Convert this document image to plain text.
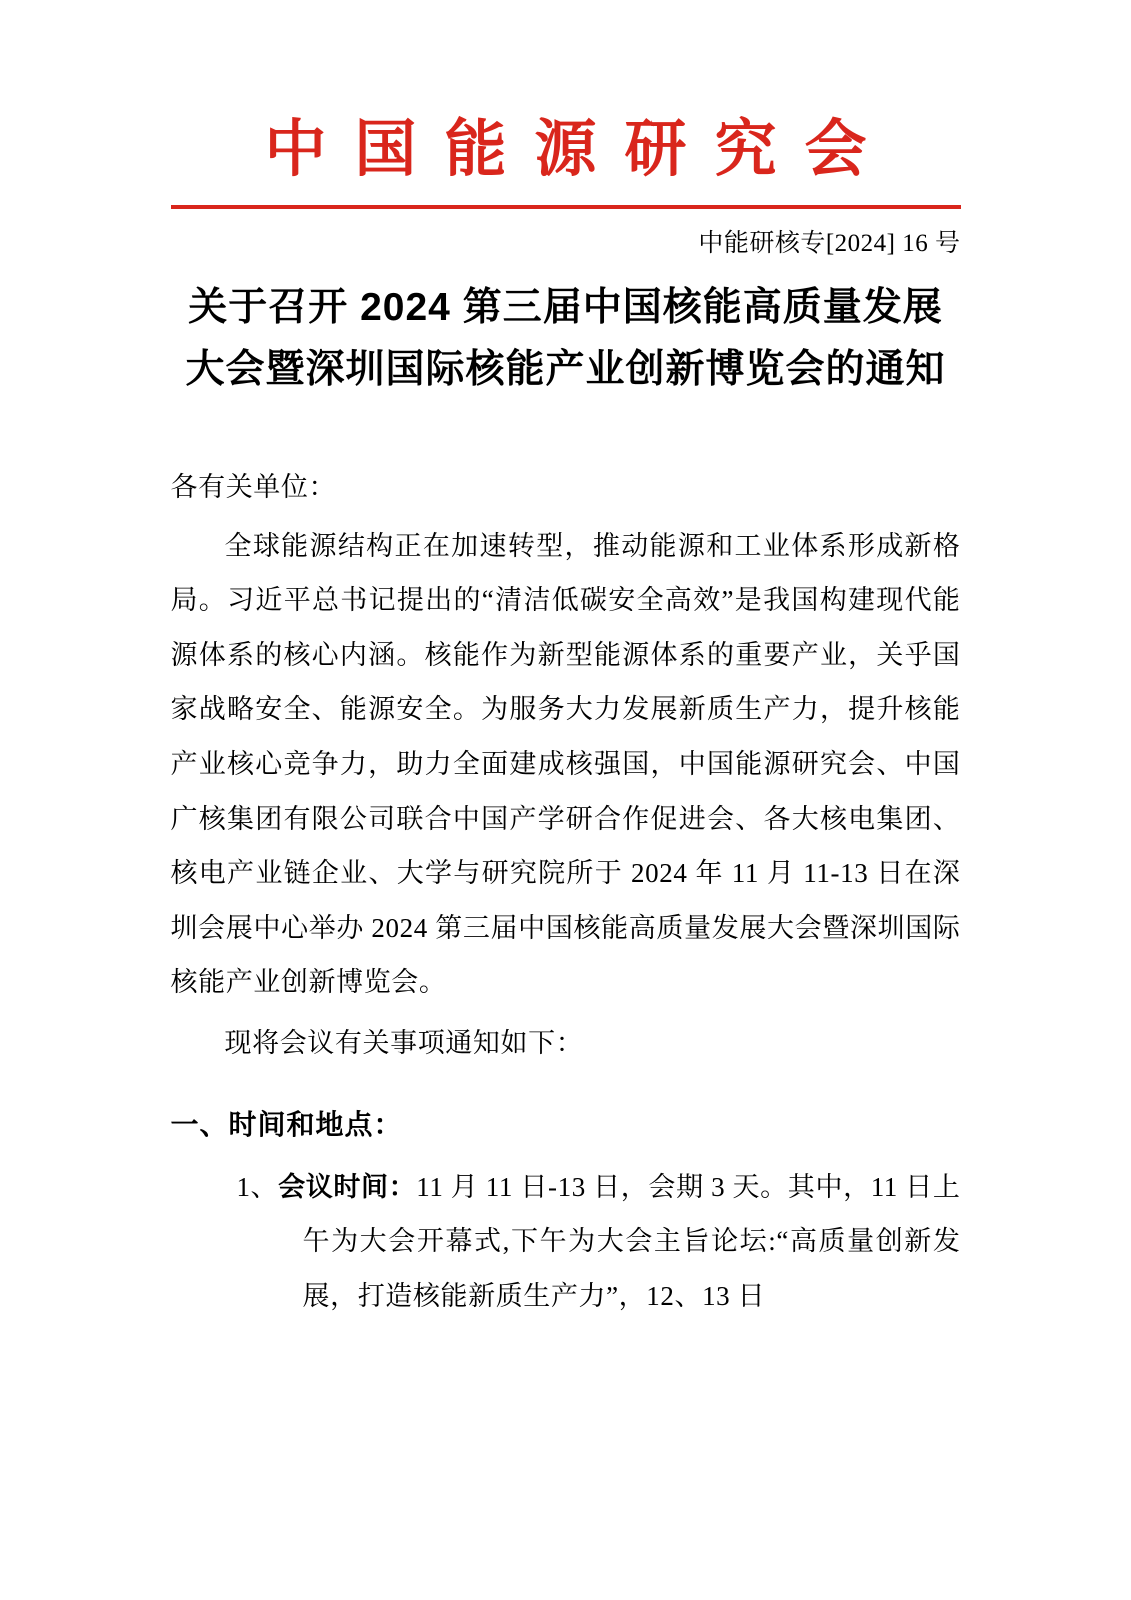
中国能源研究会
中能研核专[2024] 16 号
关于召开 2024 第三届中国核能高质量发展
大会暨深圳国际核能产业创新博览会的通知
各有关单位：

全球能源结构正在加速转型，推动能源和工业体系形成新格局。习近平总书记提出的“清洁低碳安全高效”是我国构建现代能源体系的核心内涵。核能作为新型能源体系的重要产业，关乎国家战略安全、能源安全。为服务大力发展新质生产力，提升核能产业核心竞争力，助力全面建成核强国，中国能源研究会、中国广核集团有限公司联合中国产学研合作促进会、各大核电集团、核电产业链企业、大学与研究院所于 2024 年 11 月 11-13 日在深圳会展中心举办 2024 第三届中国核能高质量发展大会暨深圳国际核能产业创新博览会。

现将会议有关事项通知如下：

一、时间和地点：
1、会议时间：11 月 11 日-13 日，会期 3 天。其中，11 日上午为大会开幕式,下午为大会主旨论坛:“高质量创新发展，打造核能新质生产力”，12、13 日
